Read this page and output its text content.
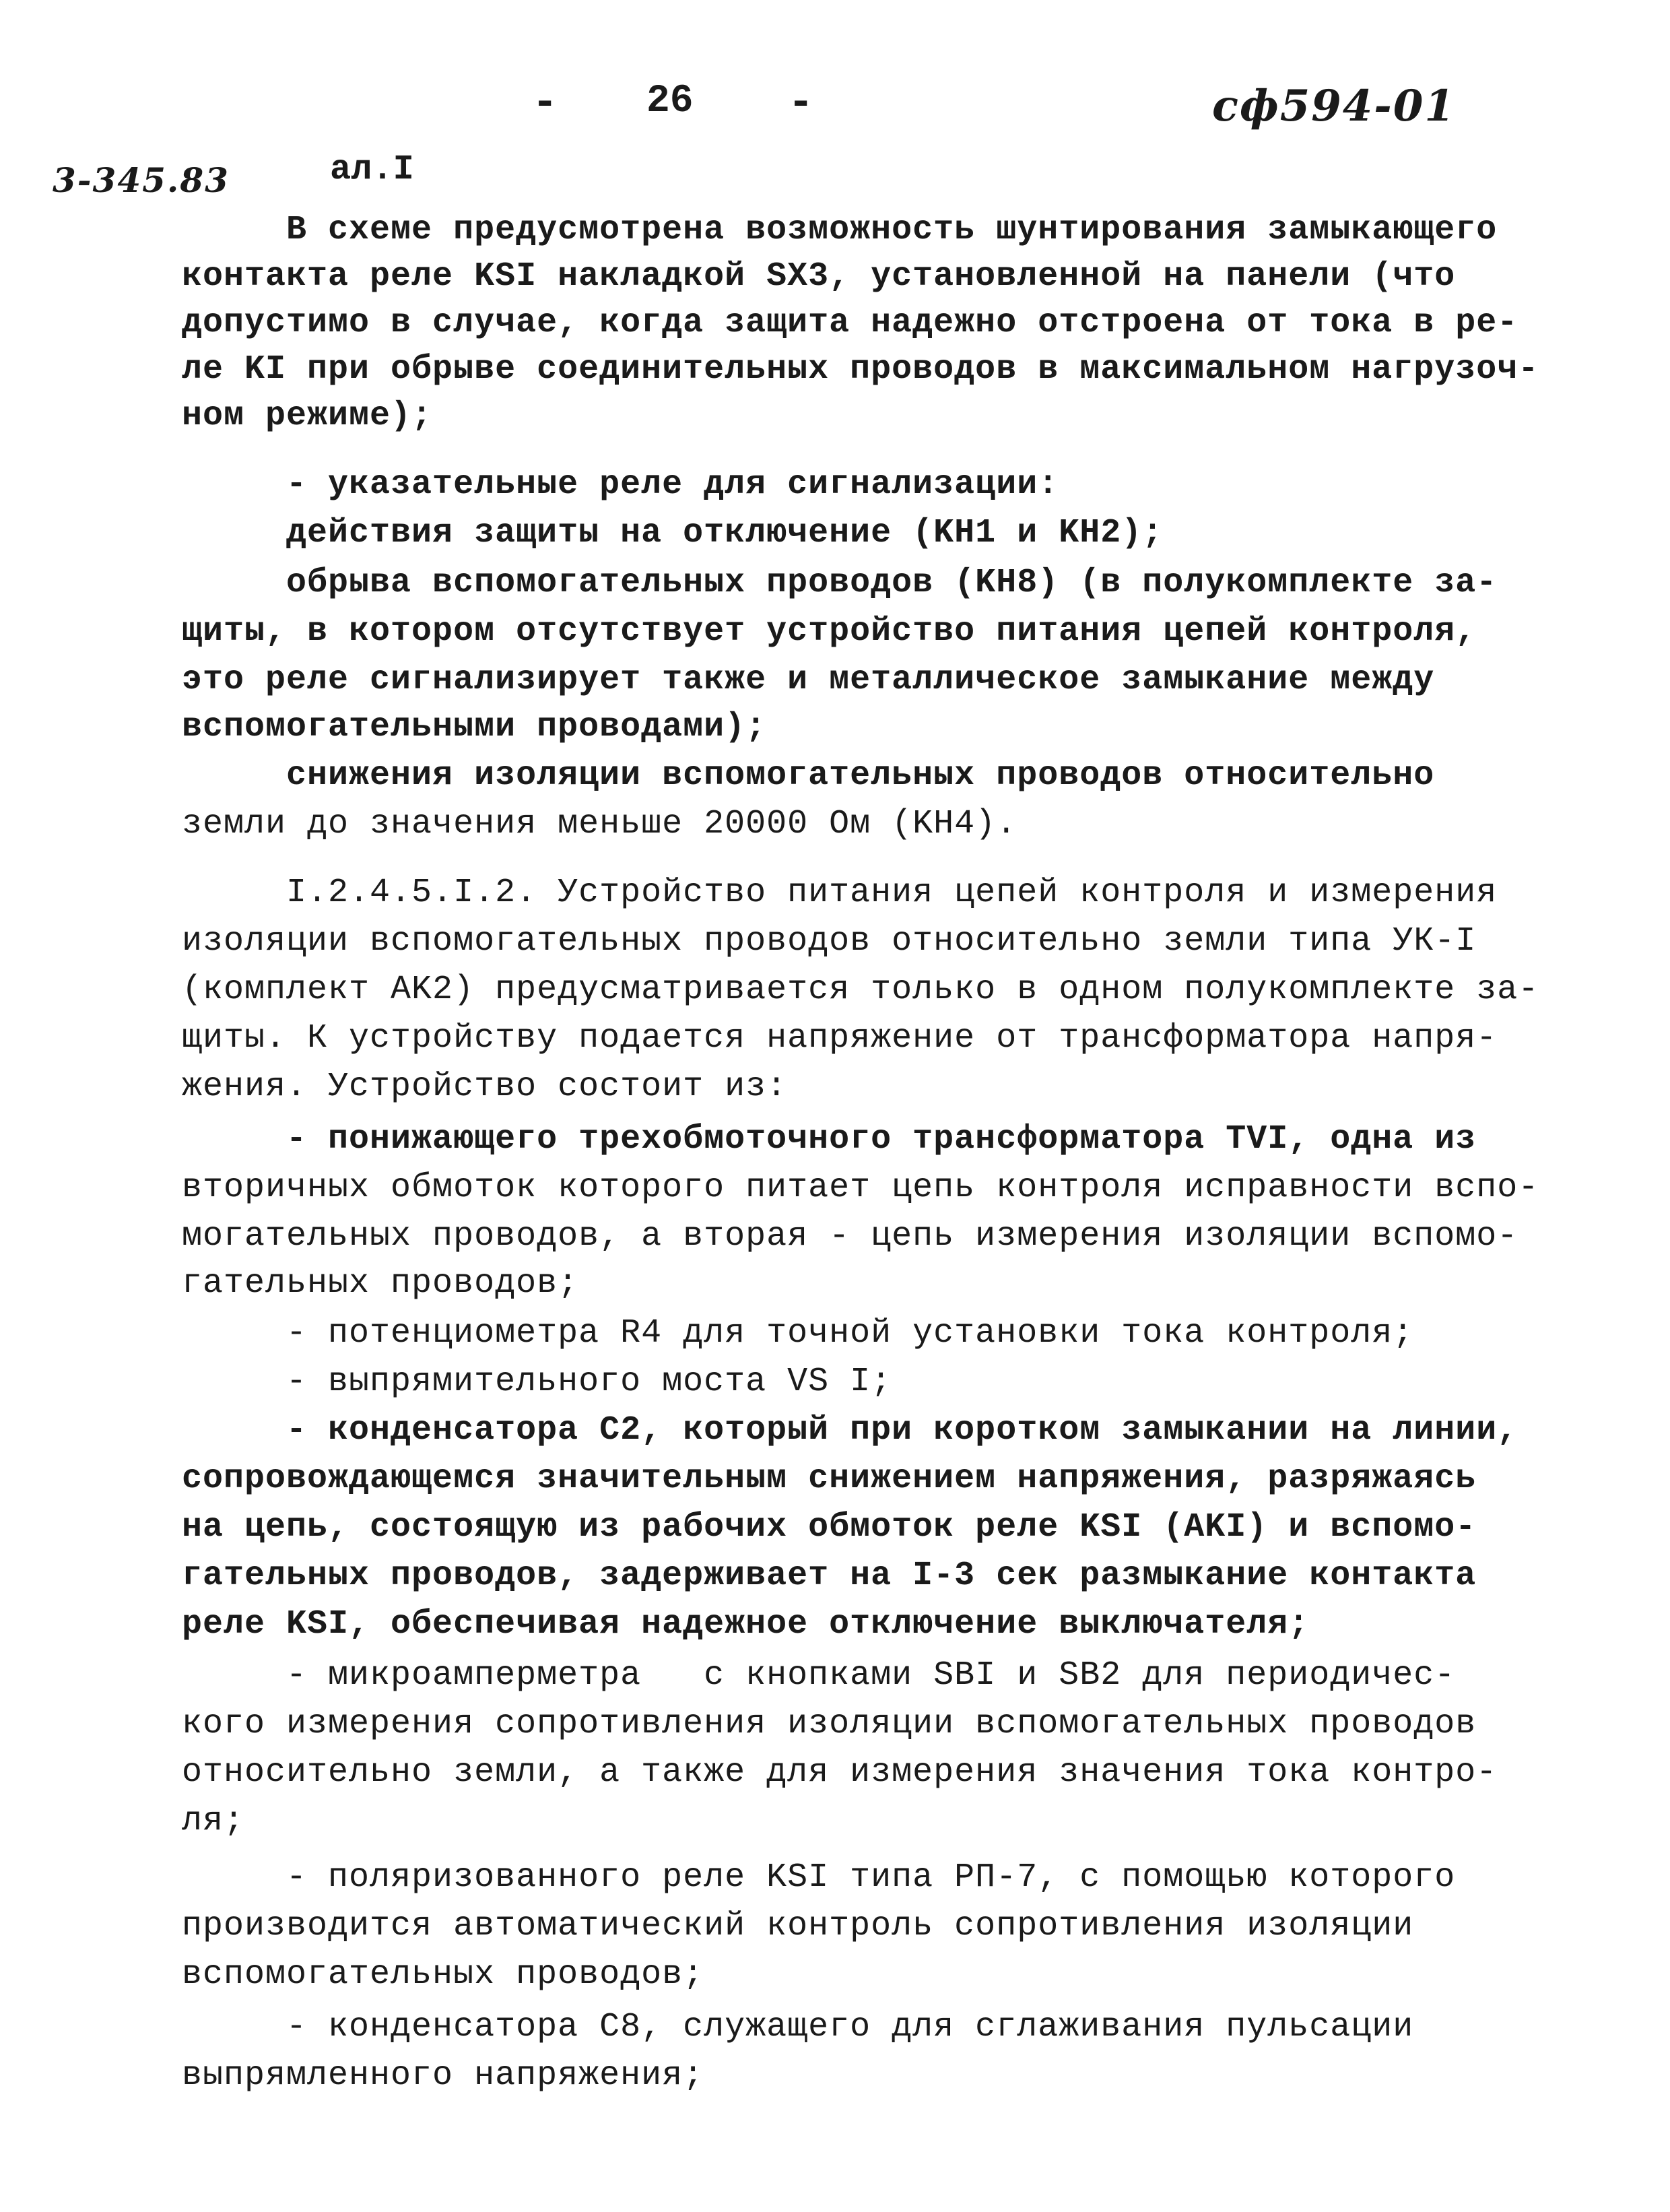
- 26 -	сф594-01
3-345.83	ал.I
В схеме предусмотрена возможность шунтирования замыкающего
контакта реле KSI накладкой SX3, установленной на панели (что
допустимо в случае, когда защита надежно отстроена от тока в ре-
ле KI при обрыве соединительных проводов в максимальном нагрузоч-
ном режиме);
- указательные реле для сигнализации:
действия защиты на отключение (KH1 и KH2);
обрыва вспомогательных проводов (KH8) (в полукомплекте за-
щиты, в котором отсутствует устройство питания цепей контроля,
это реле сигнализирует также и металлическое замыкание между
вспомогательными проводами);
снижения изоляции вспомогательных проводов относительно
земли до значения меньше 20000 Ом (KH4).
I.2.4.5.I.2. Устройство питания цепей контроля и измерения
изоляции вспомогательных проводов относительно земли типа УК-I
(комплект AK2) предусматривается только в одном полукомплекте за-
щиты. К устройству подается напряжение от трансформатора напря-
жения. Устройство состоит из:
- понижающего трехобмоточного трансформатора TVI, одна из
вторичных обмоток которого питает цепь контроля исправности вспо-
могательных проводов, а вторая - цепь измерения изоляции вспомо-
гательных проводов;
- потенциометра R4 для точной установки тока контроля;
- выпрямительного моста VS I;
- конденсатора C2, который при коротком замыкании на линии,
сопровождающемся значительным снижением напряжения, разряжаясь
на цепь, состоящую из рабочих обмоток реле KSI (AKI) и вспомо-
гательных проводов, задерживает на I-3 сек размыкание контакта
реле KSI, обеспечивая надежное отключение выключателя;
- микроамперметра   с кнопками SBI и SB2 для периодичес-
кого измерения сопротивления изоляции вспомогательных проводов
относительно земли, а также для измерения значения тока контро-
ля;
- поляризованного реле KSI типа РП-7, с помощью которого
производится автоматический контроль сопротивления изоляции
вспомогательных проводов;
- конденсатора C8, служащего для сглаживания пульсации
выпрямленного напряжения;
